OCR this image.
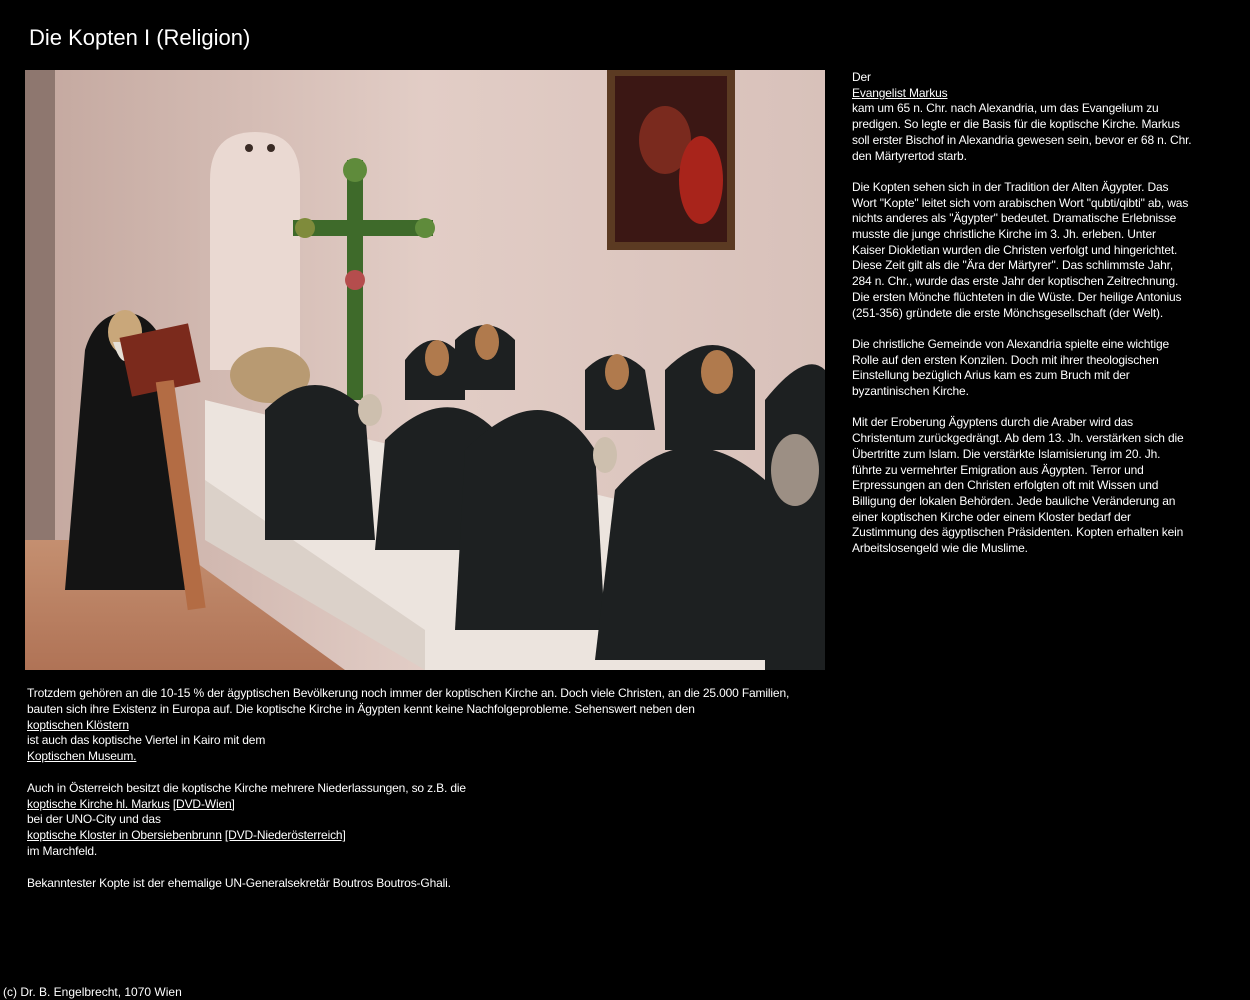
Die Kopten I (Religion)

Der
Evangelist Markus
kam um 65 n. Chr. nach Alexandria, um das Evangelium zu predigen. So legte er die Basis für die koptische Kirche. Markus soll erster Bischof in Alexandria gewesen sein, bevor er 68 n. Chr. den Märtyrertod starb.

Die Kopten sehen sich in der Tradition der Alten Ägypter. Das Wort "Kopte" leitet sich vom arabischen Wort "qubti/qibti" ab, was nichts anderes als "Ägypter" bedeutet. Dramatische Erlebnisse musste die junge christliche Kirche im 3. Jh. erleben. Unter Kaiser Diokletian wurden die Christen verfolgt und hingerichtet. Diese Zeit gilt als die "Ära der Märtyrer". Das schlimmste Jahr, 284 n. Chr., wurde das erste Jahr der koptischen Zeitrechnung. Die ersten Mönche flüchteten in die Wüste. Der heilige Antonius (251-356) gründete die erste Mönchsgesellschaft (der Welt).

Die christliche Gemeinde von Alexandria spielte eine wichtige Rolle auf den ersten Konzilen. Doch mit ihrer theologischen Einstellung bezüglich Arius kam es zum Bruch mit der byzantinischen Kirche.

Mit der Eroberung Ägyptens durch die Araber wird das Christentum zurückgedrängt. Ab dem 13. Jh. verstärken sich die Übertritte zum Islam. Die verstärkte Islamisierung im 20. Jh. führte zu vermehrter Emigration aus Ägypten. Terror und Erpressungen an den Christen erfolgten oft mit Wissen und Billigung der lokalen Behörden. Jede bauliche Veränderung an einer koptischen Kirche oder einem Kloster bedarf der Zustimmung des ägyptischen Präsidenten. Kopten erhalten kein Arbeitslosengeld wie die Muslime.

Trotzdem gehören an die 10-15 % der ägyptischen Bevölkerung noch immer der koptischen Kirche an. Doch viele Christen, an die 25.000 Familien, bauten sich ihre Existenz in Europa auf. Die koptische Kirche in Ägypten kennt keine Nachfolgeprobleme. Sehenswert neben den
koptischen Klöstern
ist auch das koptische Viertel in Kairo mit dem
Koptischen Museum.

Auch in Österreich besitzt die koptische Kirche mehrere Niederlassungen, so z.B. die
koptische Kirche hl. Markus [DVD-Wien]
bei der UNO-City und das
koptische Kloster in Obersiebenbrunn [DVD-Niederösterreich]
im Marchfeld.

Bekanntester Kopte ist der ehemalige UN-Generalsekretär Boutros Boutros-Ghali.

(c) Dr. B. Engelbrecht, 1070 Wien
